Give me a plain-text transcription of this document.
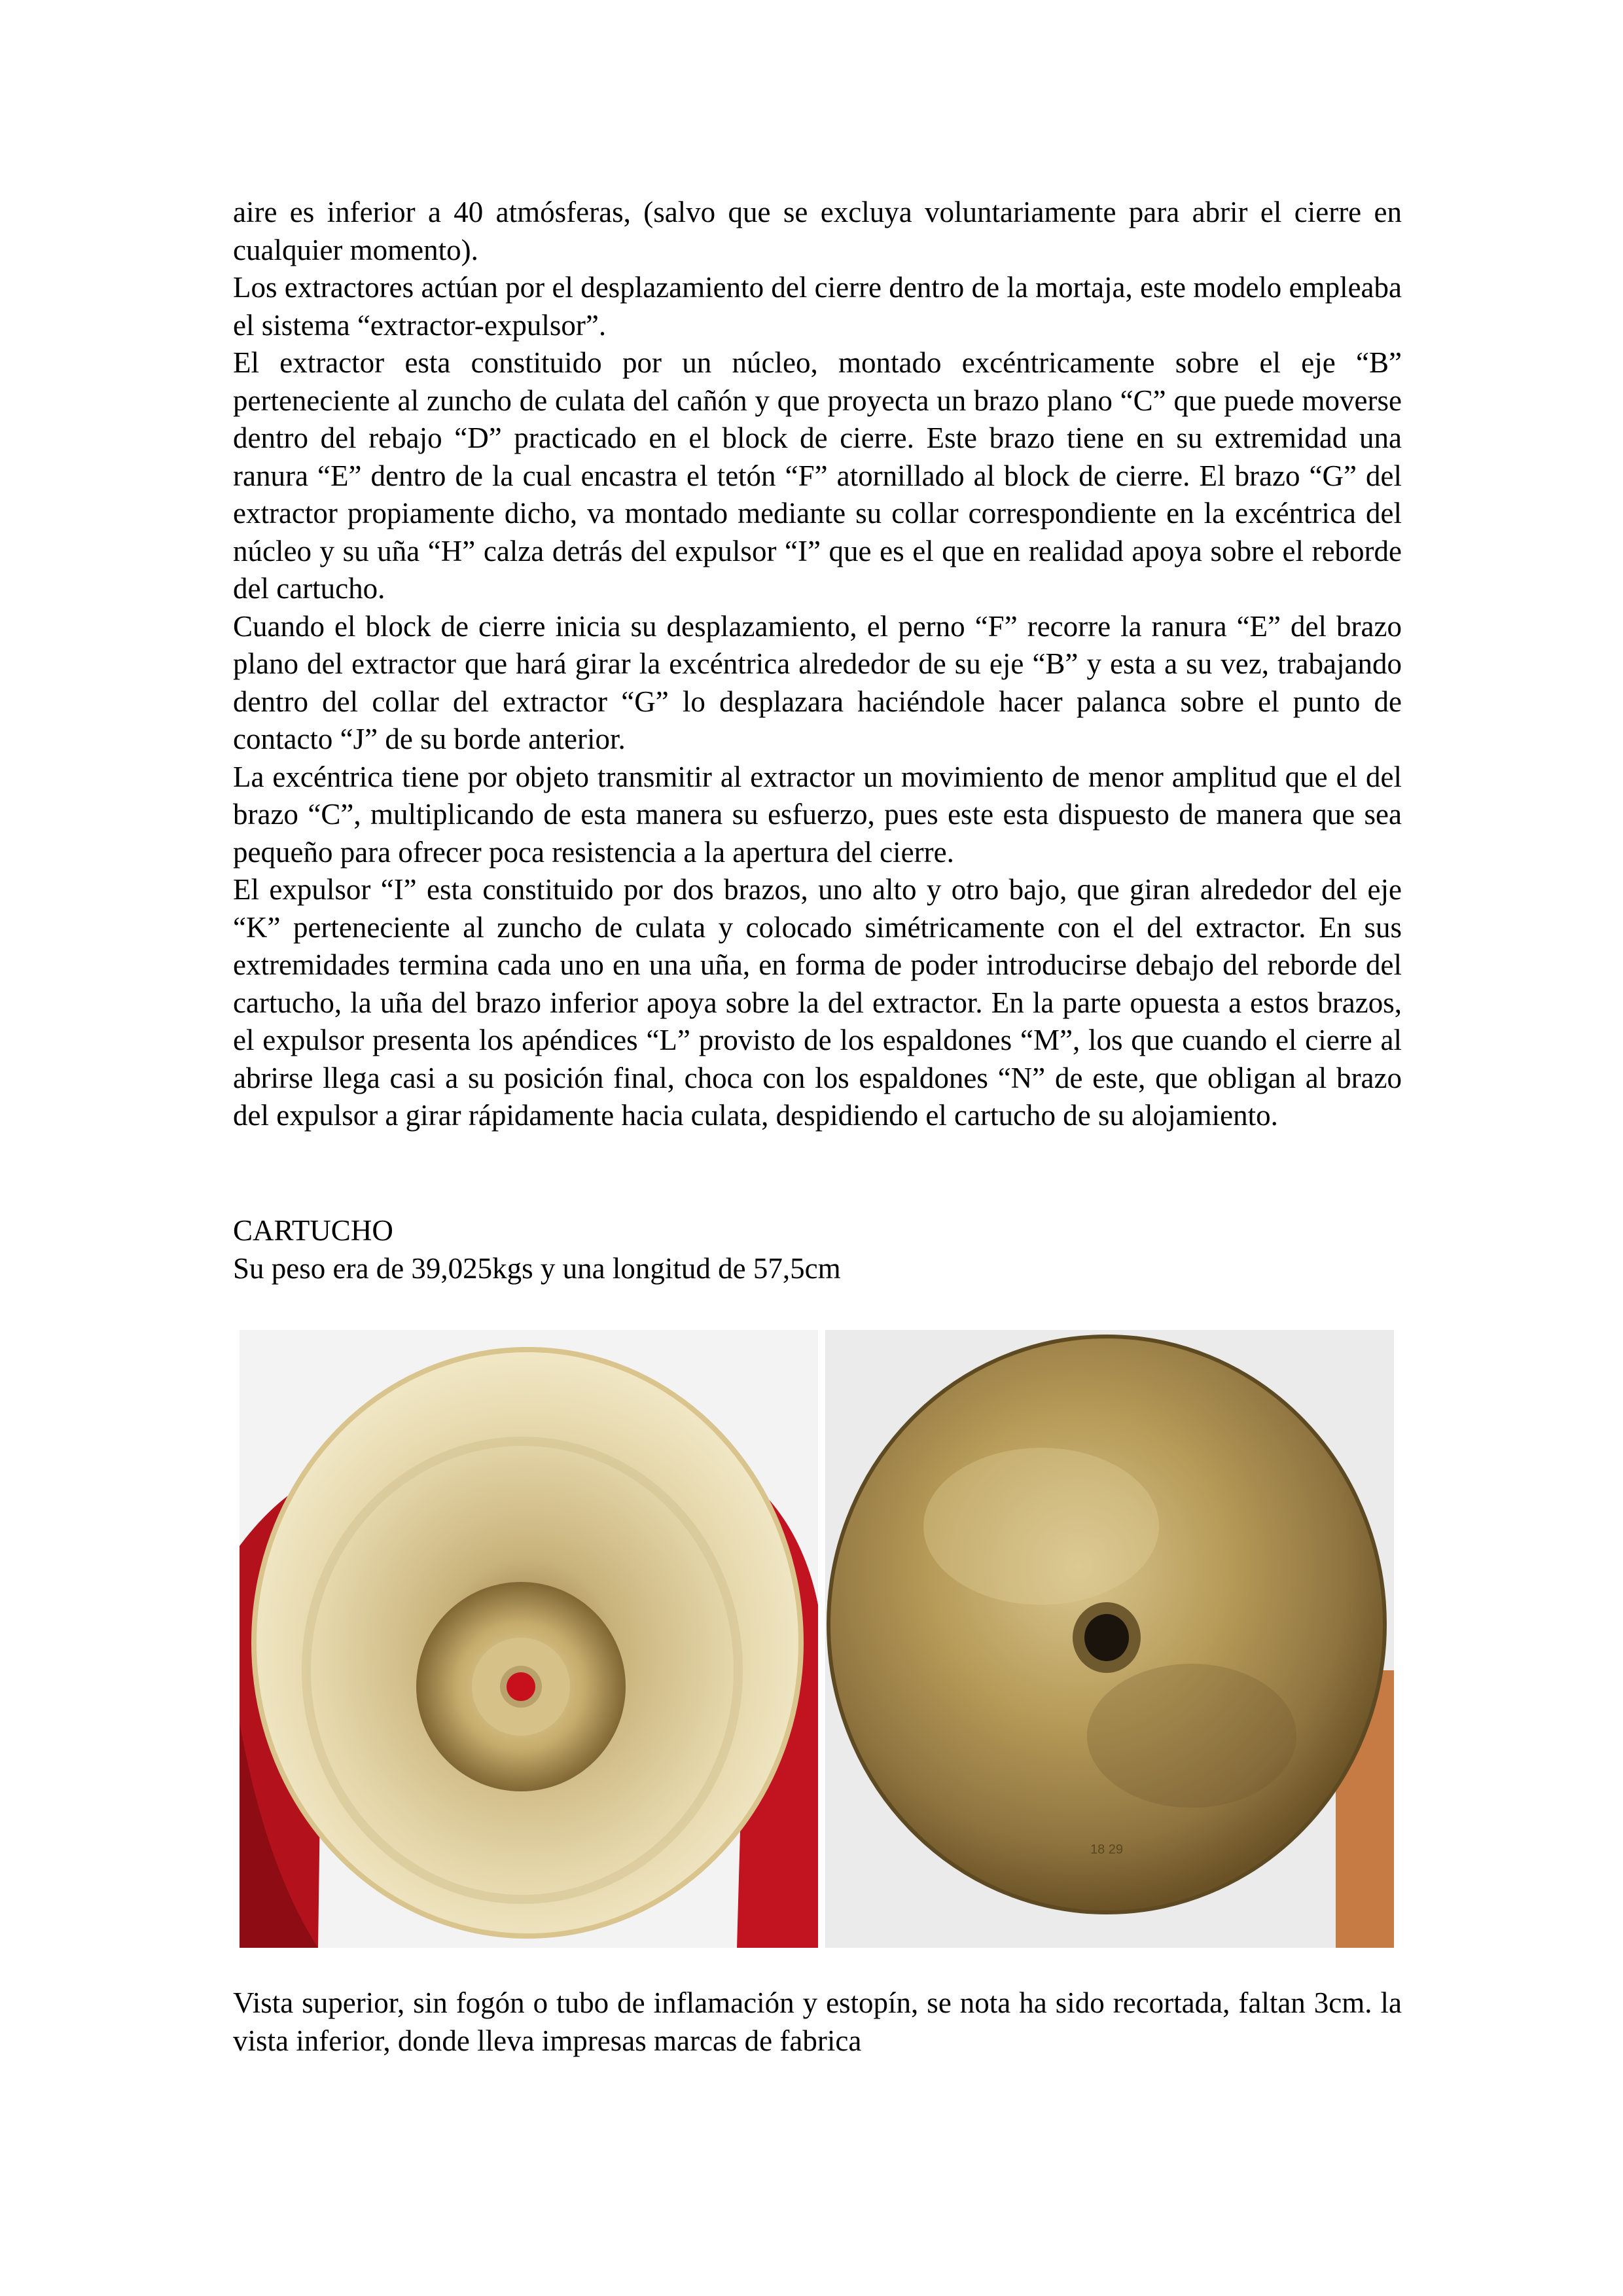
aire es inferior a 40 atmósferas, (salvo que se excluya voluntariamente para abrir el cierre en cualquier momento).

Los extractores actúan por el desplazamiento del cierre dentro de la mortaja, este modelo empleaba el sistema “extractor-expulsor”.

El extractor esta constituido por un núcleo, montado excéntricamente sobre el eje “B” perteneciente al zuncho de culata del cañón y que proyecta un brazo plano “C” que puede moverse dentro del rebajo “D” practicado en el block de cierre. Este brazo tiene en su extremidad una ranura “E” dentro de la cual encastra el tetón “F” atornillado al block de cierre. El brazo “G” del extractor propiamente dicho, va montado mediante su collar correspondiente en la excéntrica del núcleo y su uña “H” calza detrás del expulsor “I” que es el que en realidad apoya sobre el reborde del cartucho.

Cuando el block de cierre inicia su desplazamiento, el perno “F” recorre la ranura “E” del brazo plano del extractor que hará girar la excéntrica alrededor de su eje “B” y esta a su vez, trabajando dentro del collar del extractor “G” lo desplazara haciéndole hacer palanca sobre el punto de contacto “J” de su borde anterior.

La excéntrica tiene por objeto transmitir al extractor un movimiento de menor amplitud que el del brazo “C”, multiplicando de esta manera su esfuerzo, pues este esta dispuesto de manera que sea pequeño para ofrecer poca resistencia a la apertura del cierre.

El expulsor “I” esta constituido por dos brazos, uno alto y otro bajo, que giran alrededor del eje “K” perteneciente al zuncho de culata y colocado simétricamente con el del extractor. En sus extremidades termina cada uno en una uña, en forma de poder introducirse debajo del reborde del cartucho, la uña del brazo inferior apoya sobre la del extractor. En la parte opuesta a estos brazos, el expulsor presenta los apéndices “L” provisto de los espaldones “M”, los que cuando el cierre al abrirse llega casi a su posición final, choca con los espaldones “N” de este, que obligan al brazo del expulsor a girar rápidamente hacia culata, despidiendo el cartucho de su alojamiento.

CARTUCHO

Su peso era de 39,025kgs y una longitud de 57,5cm

18 29

Vista superior, sin fogón o tubo de inflamación y estopín, se nota ha sido recortada, faltan 3cm. la vista inferior, donde lleva impresas marcas de fabrica
